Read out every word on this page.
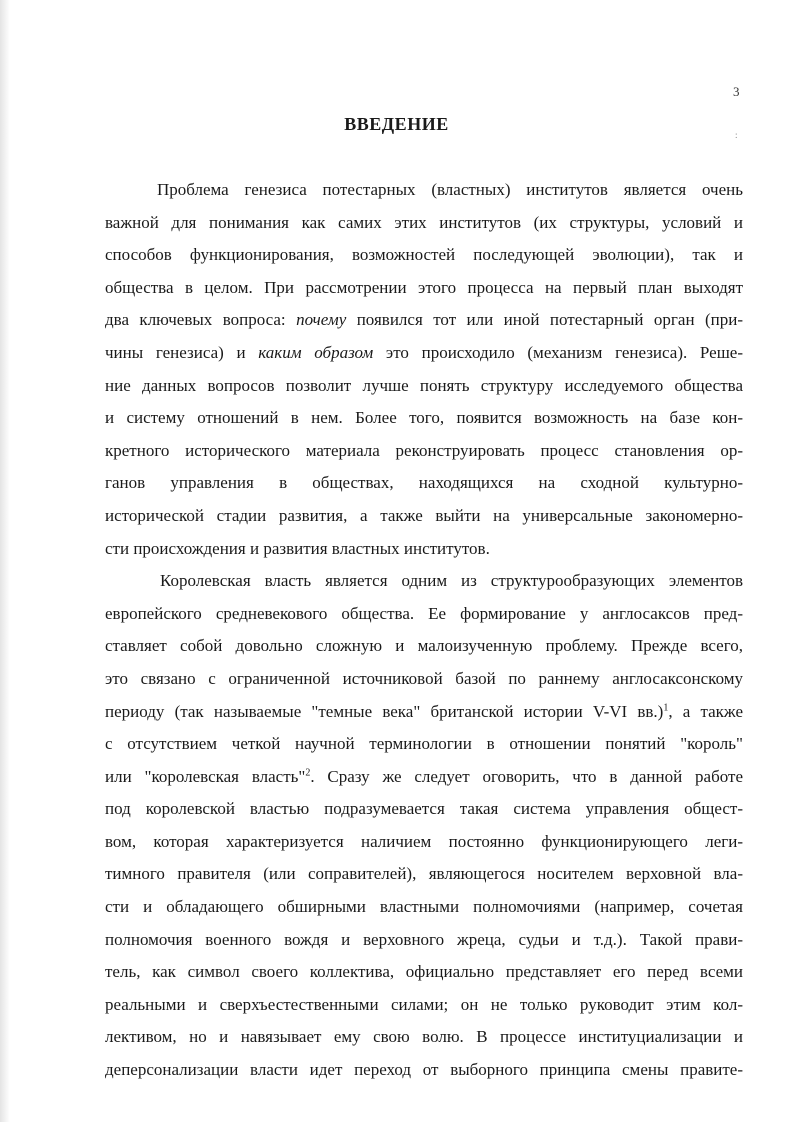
3
:
ВВЕДЕНИЕ
Проблема генезиса потестарных (властных) институтов является очень
важной для понимания как самих этих институтов (их структуры, условий и
способов функционирования, возможностей последующей эволюции), так и
общества в целом. При рассмотрении этого процесса на первый план выходят
два ключевых вопроса: почему появился тот или иной потестарный орган (при-
чины генезиса) и каким образом это происходило (механизм генезиса). Реше-
ние данных вопросов позволит лучше понять структуру исследуемого общества
и систему отношений в нем. Более того, появится возможность на базе кон-
кретного исторического материала реконструировать процесс становления ор-
ганов управления в обществах, находящихся на сходной культурно-
исторической стадии развития, а также выйти на универсальные закономерно-
сти происхождения и развития властных институтов.
Королевская власть является одним из структурообразующих элементов
европейского средневекового общества. Ее формирование у англосаксов пред-
ставляет собой довольно сложную и малоизученную проблему. Прежде всего,
это связано с ограниченной источниковой базой по раннему англосаксонскому
периоду (так называемые "темные века" британской истории V-VI вв.)$^1$, а также
с отсутствием четкой научной терминологии в отношении понятий "король"
или "королевская власть"$^2$. Сразу же следует оговорить, что в данной работе
под королевской властью подразумевается такая система управления общест-
вом, которая характеризуется наличием постоянно функционирующего леги-
тимного правителя (или соправителей), являющегося носителем верховной вла-
сти и обладающего обширными властными полномочиями (например, сочетая
полномочия военного вождя и верховного жреца, судьи и т.д.). Такой прави-
тель, как символ своего коллектива, официально представляет его перед всеми
реальными и сверхъестественными силами; он не только руководит этим кол-
лективом, но и навязывает ему свою волю. В процессе институциализации и
деперсонализации власти идет переход от выборного принципа смены правите-
